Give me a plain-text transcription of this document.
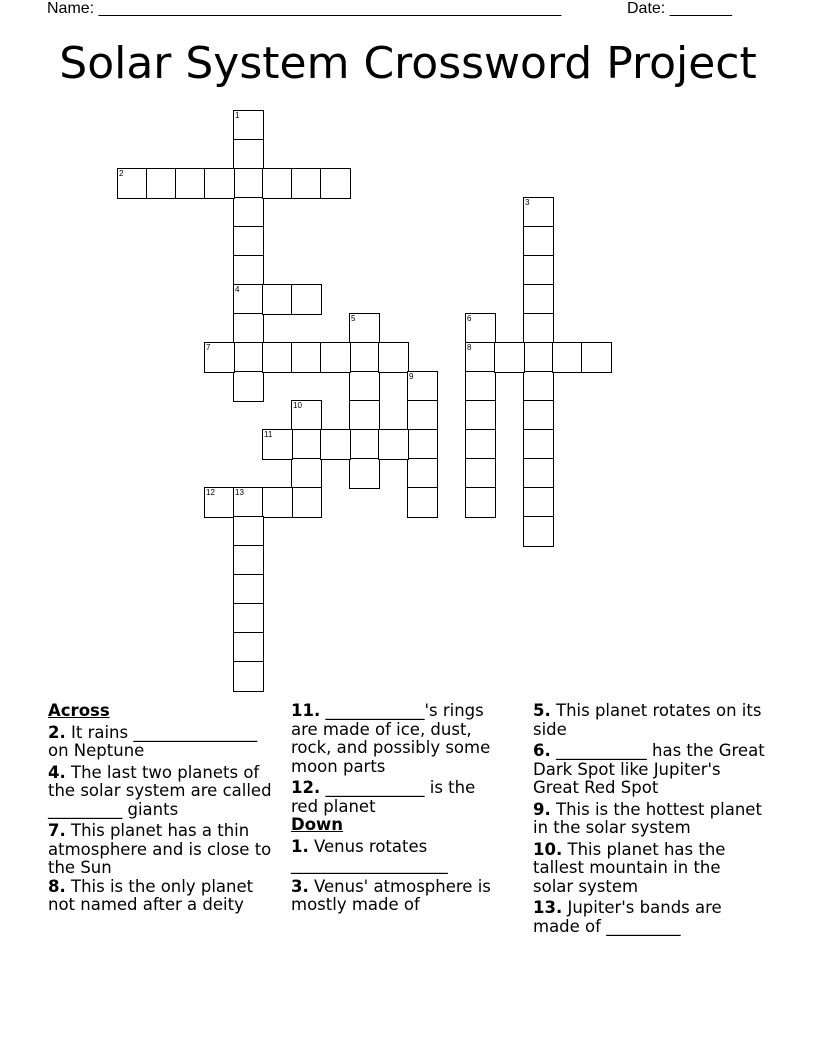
Name: ____________________________________________________	Date: _______
Solar System Crossword Project
1
4
2
3
5	6
8
7
9
10
11
12	13
Across
2. It rains _______________ on Neptune
4. The last two planets of the solar system are called _________ giants
7. This planet has a thin atmosphere and is close to the Sun
8. This is the only planet not named after a deity
11. ____________'s rings are made of ice, dust, rock, and possibly some moon parts
12. ____________ is the red planet
Down
1. Venus rotates ___________________
3. Venus' atmosphere is mostly made of
5. This planet rotates on its side
6. ___________ has the Great Dark Spot like Jupiter's Great Red Spot
9. This is the hottest planet in the solar system
10. This planet has the tallest mountain in the solar system
13. Jupiter's bands are made of _________
